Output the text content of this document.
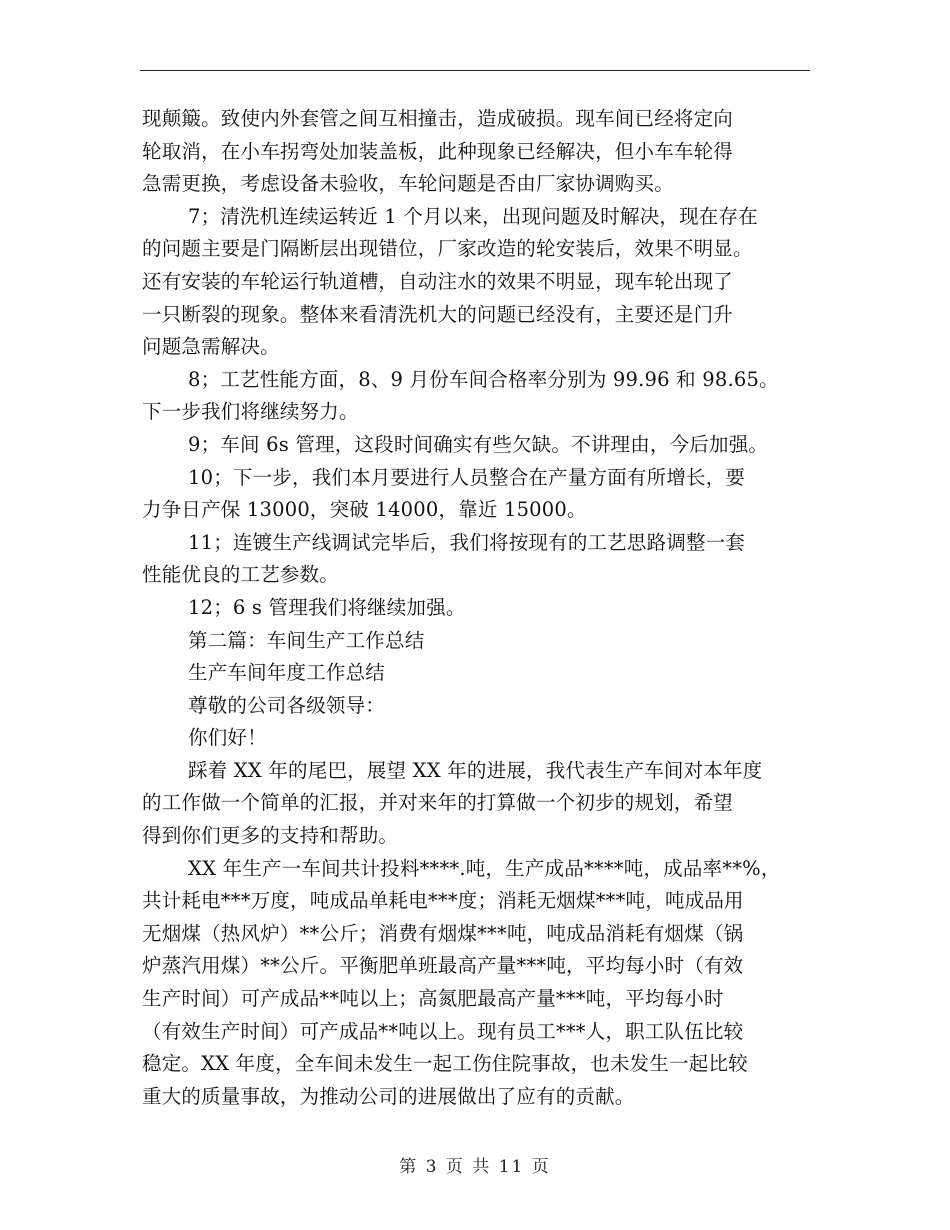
现颠簸。致使内外套管之间互相撞击，造成破损。现车间已经将定向
轮取消，在小车拐弯处加装盖板，此种现象已经解决，但小车车轮得
急需更换，考虑设备未验收，车轮问题是否由厂家协调购买。
7；清洗机连续运转近 1 个月以来，出现问题及时解决，现在存在
的问题主要是门隔断层出现错位，厂家改造的轮安装后，效果不明显。
还有安装的车轮运行轨道槽，自动注水的效果不明显，现车轮出现了
一只断裂的现象。整体来看清洗机大的问题已经没有，主要还是门升
问题急需解决。
8；工艺性能方面，8、9 月份车间合格率分别为 99.96 和 98.65。
下一步我们将继续努力。
9；车间 6s 管理，这段时间确实有些欠缺。不讲理由，今后加强。
10；下一步，我们本月要进行人员整合在产量方面有所增长，要
力争日产保 13000，突破 14000，靠近 15000。
11；连镀生产线调试完毕后，我们将按现有的工艺思路调整一套
性能优良的工艺参数。
12；6 s 管理我们将继续加强。
第二篇：车间生产工作总结
生产车间年度工作总结
尊敬的公司各级领导：
你们好！
踩着 XX 年的尾巴，展望 XX 年的进展，我代表生产车间对本年度
的工作做一个简单的汇报，并对来年的打算做一个初步的规划，希望
得到你们更多的支持和帮助。
XX 年生产一车间共计投料****.吨，生产成品****吨，成品率**%，
共计耗电***万度，吨成品单耗电***度；消耗无烟煤***吨，吨成品用
无烟煤（热风炉）**公斤；消费有烟煤***吨，吨成品消耗有烟煤（锅
炉蒸汽用煤）**公斤。平衡肥单班最高产量***吨，平均每小时（有效
生产时间）可产成品**吨以上；高氮肥最高产量***吨，平均每小时
（有效生产时间）可产成品**吨以上。现有员工***人，职工队伍比较
稳定。XX 年度，全车间未发生一起工伤住院事故，也未发生一起比较
重大的质量事故，为推动公司的进展做出了应有的贡献。
第 3 页 共 11 页
